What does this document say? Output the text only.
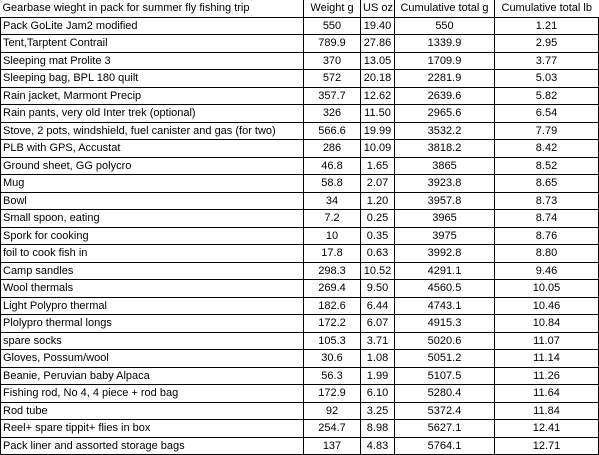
Gearbase wieght in pack for summer fly fishing trip	Weight g	US oz	Cumulative total g	Cumulative total lb
Pack GoLite Jam2 modified	550	19.40	550	1.21
Tent,Tarptent Contrail	789.9	27.86	1339.9	2.95
Sleeping mat Prolite 3	370	13.05	1709.9	3.77
Sleeping bag, BPL 180 quilt	572	20.18	2281.9	5.03
Rain jacket, Marmont Precip	357.7	12.62	2639.6	5.82
Rain pants, very old Inter trek (optional)	326	11.50	2965.6	6.54
Stove, 2 pots, windshield, fuel canister and gas (for two)	566.6	19.99	3532.2	7.79
PLB with GPS, Accustat	286	10.09	3818.2	8.42
Ground sheet, GG polycro	46.8	1.65	3865	8.52
Mug	58.8	2.07	3923.8	8.65
Bowl	34	1.20	3957.8	8.73
Small spoon, eating	7.2	0.25	3965	8.74
Spork for cooking	10	0.35	3975	8.76
foil to cook fish in	17.8	0.63	3992.8	8.80
Camp sandles	298.3	10.52	4291.1	9.46
Wool thermals	269.4	9.50	4560.5	10.05
Light Polypro thermal	182.6	6.44	4743.1	10.46
Plolypro thermal longs	172.2	6.07	4915.3	10.84
spare socks	105.3	3.71	5020.6	11.07
Gloves, Possum/wool	30.6	1.08	5051.2	11.14
Beanie, Peruvian baby Alpaca	56.3	1.99	5107.5	11.26
Fishing rod, No 4, 4 piece + rod bag	172.9	6.10	5280.4	11.64
Rod tube	92	3.25	5372.4	11.84
Reel+ spare tippit+ flies in box	254.7	8.98	5627.1	12.41
Pack liner and assorted storage bags	137	4.83	5764.1	12.71
